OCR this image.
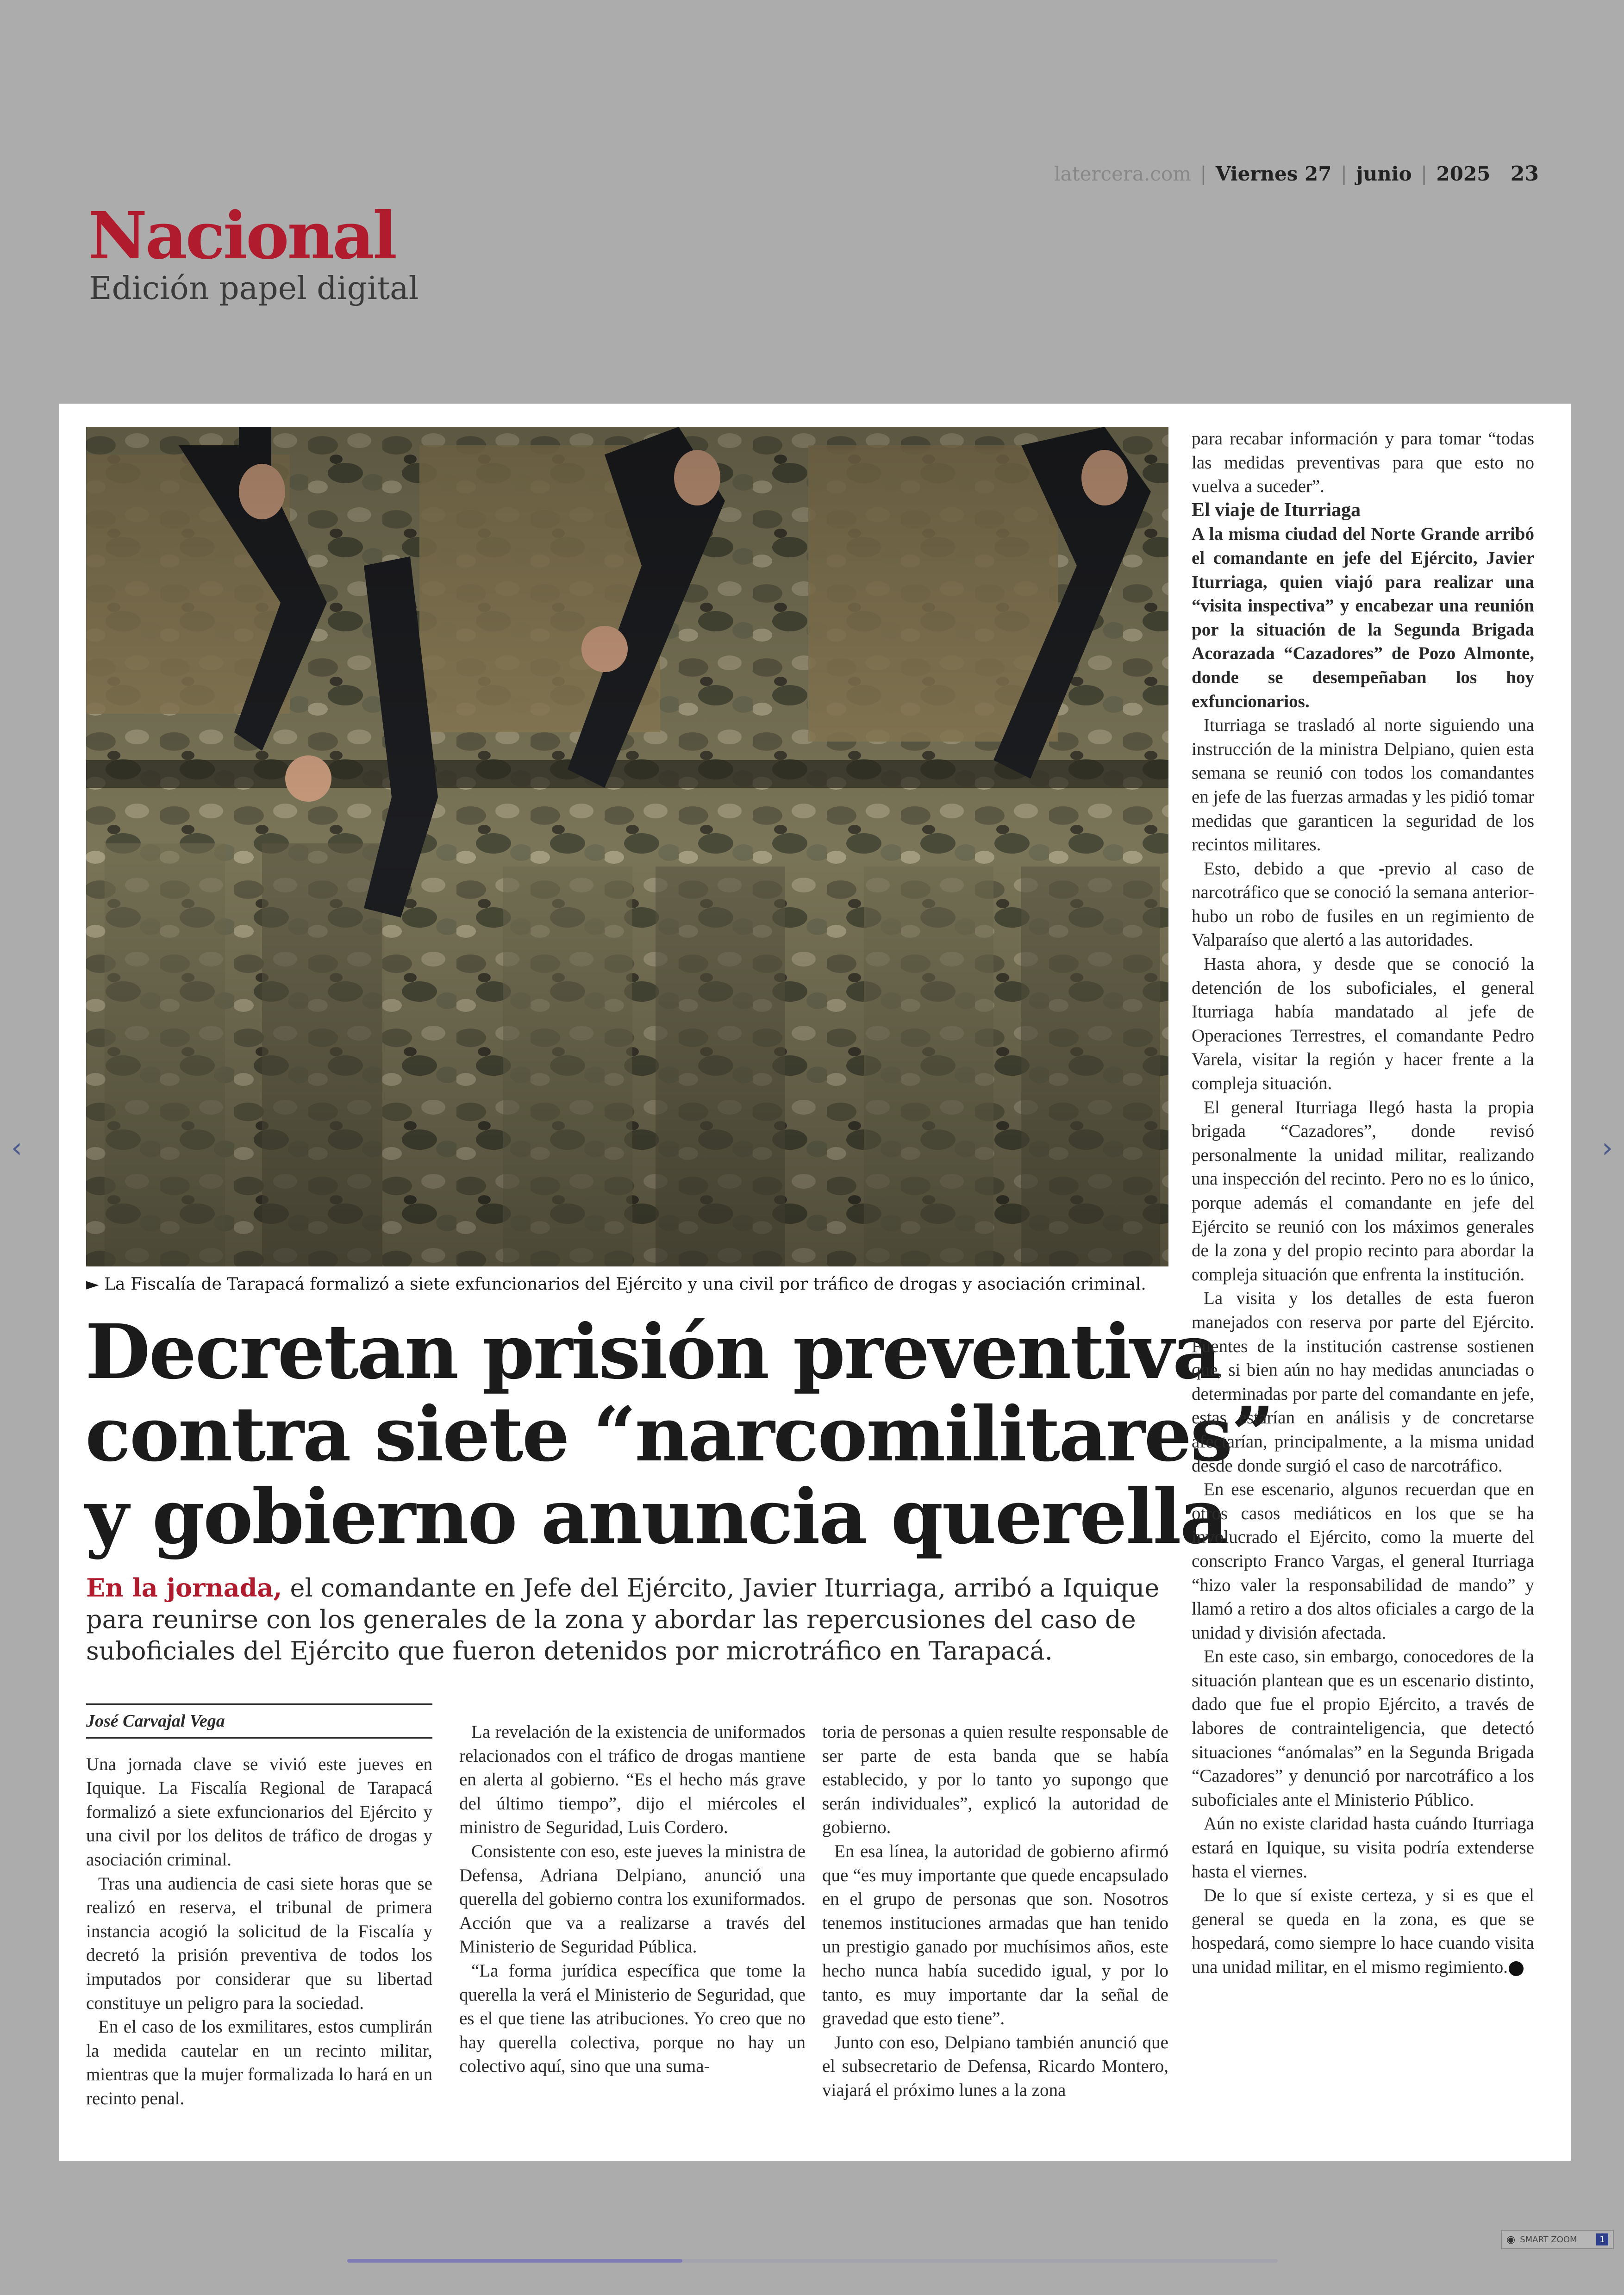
latercera.com | Viernes 27 | junio | 2025 23
Nacional
Edición papel digital
► La Fiscalía de Tarapacá formalizó a siete exfuncionarios del Ejército y una civil por tráfico de drogas y asociación criminal.
Decretan prisión preventiva
contra siete “narcomilitares”
y gobierno anuncia querella
En la jornada, el comandante en Jefe del Ejército, Javier Iturriaga, arribó a Iquique para reunirse con los generales de la zona y abordar las repercusiones del caso de suboficiales del Ejército que fueron detenidos por microtráfico en Tarapacá.
José Carvajal Vega

Una jornada clave se vivió este jueves en Iquique. La Fiscalía Regional de Tarapacá formalizó a siete exfuncionarios del Ejército y una civil por los delitos de tráfico de drogas y asociación criminal.

Tras una audiencia de casi siete horas que se realizó en reserva, el tribunal de primera instancia acogió la solicitud de la Fiscalía y decretó la prisión preventiva de todos los imputados por considerar que su libertad constituye un peligro para la sociedad.

En el caso de los exmilitares, estos cumplirán la medida cautelar en un recinto militar, mientras que la mujer formalizada lo hará en un recinto penal.

La revelación de la existencia de uniformados relacionados con el tráfico de drogas mantiene en alerta al gobierno. “Es el hecho más grave del último tiempo”, dijo el miércoles el ministro de Seguridad, Luis Cordero.

Consistente con eso, este jueves la ministra de Defensa, Adriana Delpiano, anunció una querella del gobierno contra los exuniformados. Acción que va a realizarse a través del Ministerio de Seguridad Pública.

“La forma jurídica específica que tome la querella la verá el Ministerio de Seguridad, que es el que tiene las atribuciones. Yo creo que no hay querella colectiva, porque no hay un colectivo aquí, sino que una suma-

toria de personas a quien resulte responsable de ser parte de esta banda que se había establecido, y por lo tanto yo supongo que serán individuales”, explicó la autoridad de gobierno.

En esa línea, la autoridad de gobierno afirmó que “es muy importante que quede encapsulado en el grupo de personas que son. Nosotros tenemos instituciones armadas que han tenido un prestigio ganado por muchísimos años, este hecho nunca había sucedido igual, y por lo tanto, es muy importante dar la señal de gravedad que esto tiene”.

Junto con eso, Delpiano también anunció que el subsecretario de Defensa, Ricardo Montero, viajará el próximo lunes a la zona

para recabar información y para tomar “todas las medidas preventivas para que esto no vuelva a suceder”.

El viaje de Iturriaga

A la misma ciudad del Norte Grande arribó el comandante en jefe del Ejército, Javier Iturriaga, quien viajó para realizar una “visita inspectiva” y encabezar una reunión por la situación de la Segunda Brigada Acorazada “Cazadores” de Pozo Almonte, donde se desempeñaban los hoy exfuncionarios.

Iturriaga se trasladó al norte siguiendo una instrucción de la ministra Delpiano, quien esta semana se reunió con todos los comandantes en jefe de las fuerzas armadas y les pidió tomar medidas que garanticen la seguridad de los recintos militares.

Esto, debido a que -previo al caso de narcotráfico que se conoció la semana anterior- hubo un robo de fusiles en un regimiento de Valparaíso que alertó a las autoridades.

Hasta ahora, y desde que se conoció la detención de los suboficiales, el general Iturriaga había mandatado al jefe de Operaciones Terrestres, el comandante Pedro Varela, visitar la región y hacer frente a la compleja situación.

El general Iturriaga llegó hasta la propia brigada “Cazadores”, donde revisó personalmente la unidad militar, realizando una inspección del recinto. Pero no es lo único, porque además el comandante en jefe del Ejército se reunió con los máximos generales de la zona y del propio recinto para abordar la compleja situación que enfrenta la institución.

La visita y los detalles de esta fueron manejados con reserva por parte del Ejército. Fuentes de la institución castrense sostienen que, si bien aún no hay medidas anunciadas o determinadas por parte del comandante en jefe, estas estarían en análisis y de concretarse afectarían, principalmente, a la misma unidad desde donde surgió el caso de narcotráfico.

En ese escenario, algunos recuerdan que en otros casos mediáticos en los que se ha involucrado el Ejército, como la muerte del conscripto Franco Vargas, el general Iturriaga “hizo valer la responsabilidad de mando” y llamó a retiro a dos altos oficiales a cargo de la unidad y división afectada.

En este caso, sin embargo, conocedores de la situación plantean que es un escenario distinto, dado que fue el propio Ejército, a través de labores de contrainteligencia, que detectó situaciones “anómalas” en la Segunda Brigada “Cazadores” y denunció por narcotráfico a los suboficiales ante el Ministerio Público.

Aún no existe claridad hasta cuándo Iturriaga estará en Iquique, su visita podría extenderse hasta el viernes.

De lo que sí existe certeza, y si es que el general se queda en la zona, es que se hospedará, como siempre lo hace cuando visita una unidad militar, en el mismo regimiento.

‹	›
◉ SMART ZOOM	1
